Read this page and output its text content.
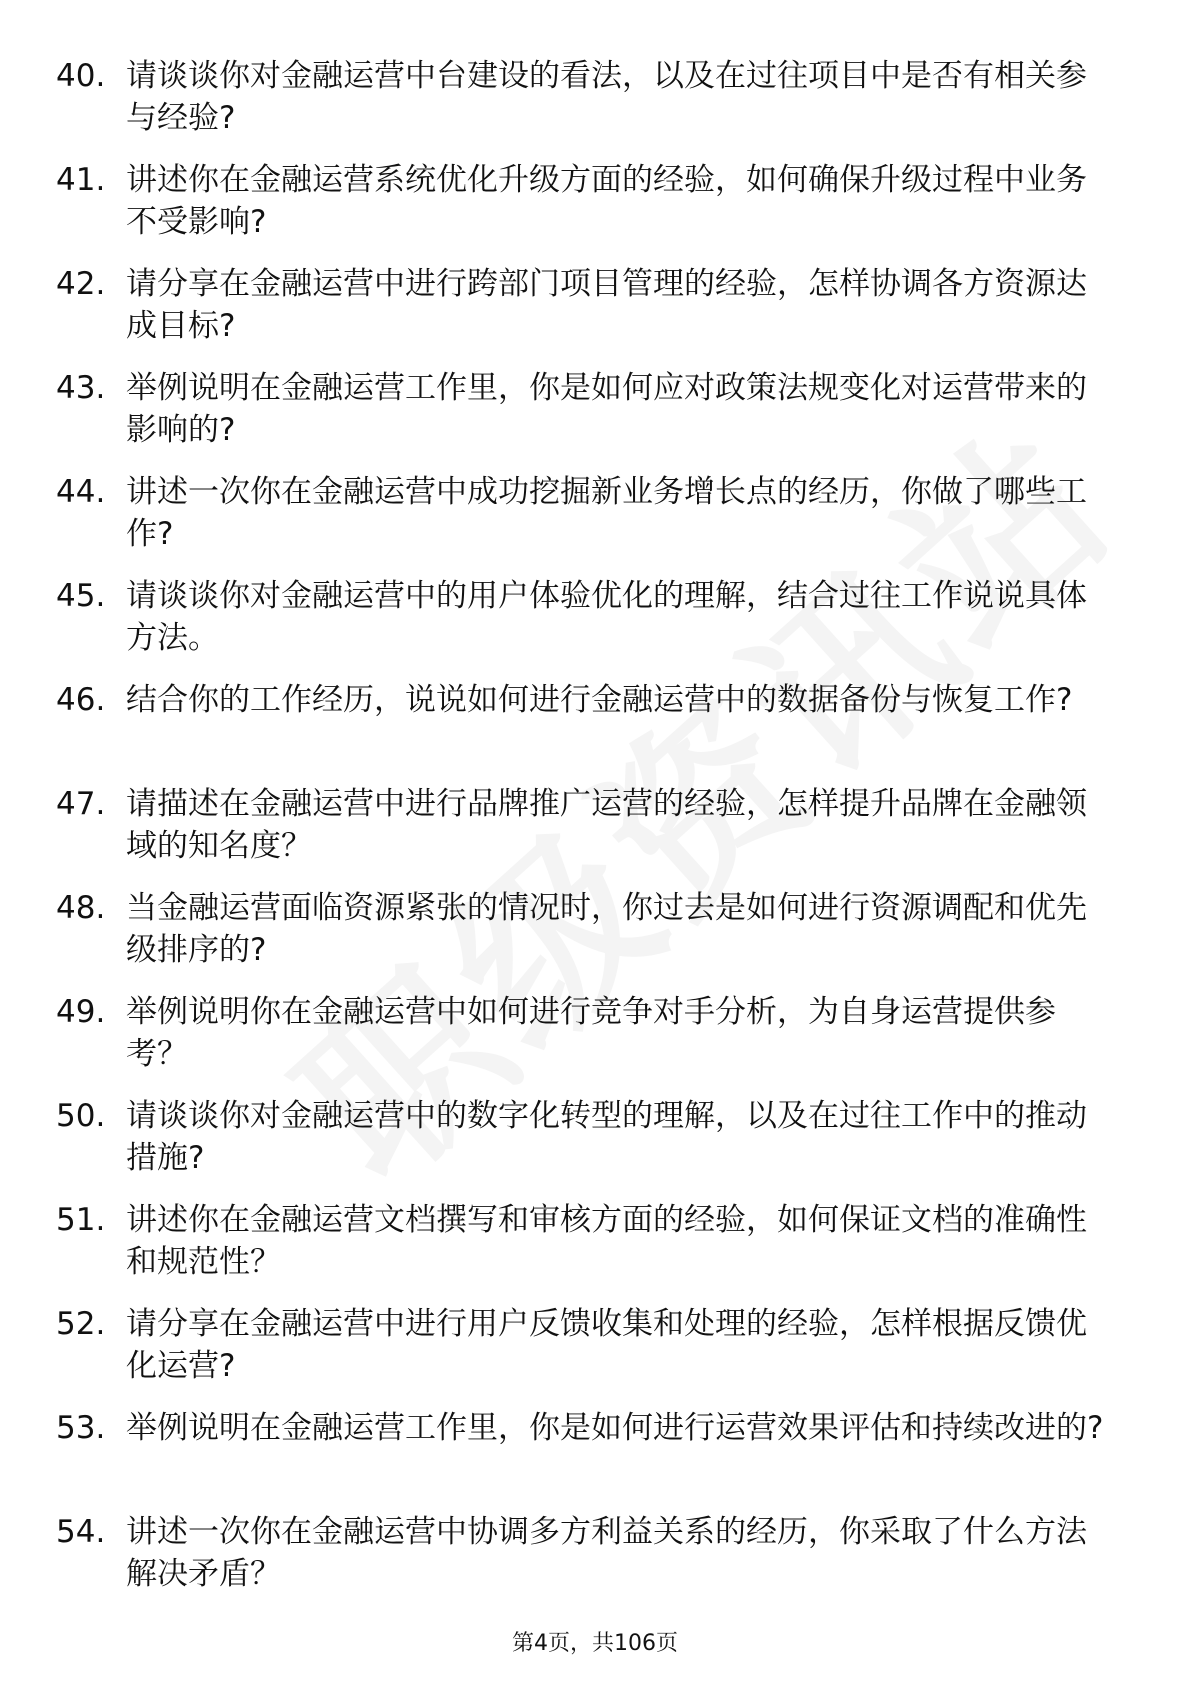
40. 请谈谈你对金融运营中台建设的看法，以及在过往项目中是否有相关参与经验?
41. 讲述你在金融运营系统优化升级方面的经验，如何确保升级过程中业务不受影响?
42. 请分享在金融运营中进行跨部门项目管理的经验，怎样协调各方资源达成目标?
43. 举例说明在金融运营工作里，你是如何应对政策法规变化对运营带来的影响的?
44. 讲述一次你在金融运营中成功挖掘新业务增长点的经历，你做了哪些工作?
45. 请谈谈你对金融运营中的用户体验优化的理解，结合过往工作说说具体方法。
46. 结合你的工作经历，说说如何进行金融运营中的数据备份与恢复工作?
47. 请描述在金融运营中进行品牌推广运营的经验，怎样提升品牌在金融领域的知名度？
48. 当金融运营面临资源紧张的情况时，你过去是如何进行资源调配和优先级排序的?
49. 举例说明你在金融运营中如何进行竞争对手分析，为自身运营提供参考？
50. 请谈谈你对金融运营中的数字化转型的理解，以及在过往工作中的推动措施?
51. 讲述你在金融运营文档撰写和审核方面的经验，如何保证文档的准确性和规范性？
52. 请分享在金融运营中进行用户反馈收集和处理的经验，怎样根据反馈优化运营?
53. 举例说明在金融运营工作里，你是如何进行运营效果评估和持续改进的?
54. 讲述一次你在金融运营中协调多方利益关系的经历，你采取了什么方法解决矛盾？
第4页，共106页
